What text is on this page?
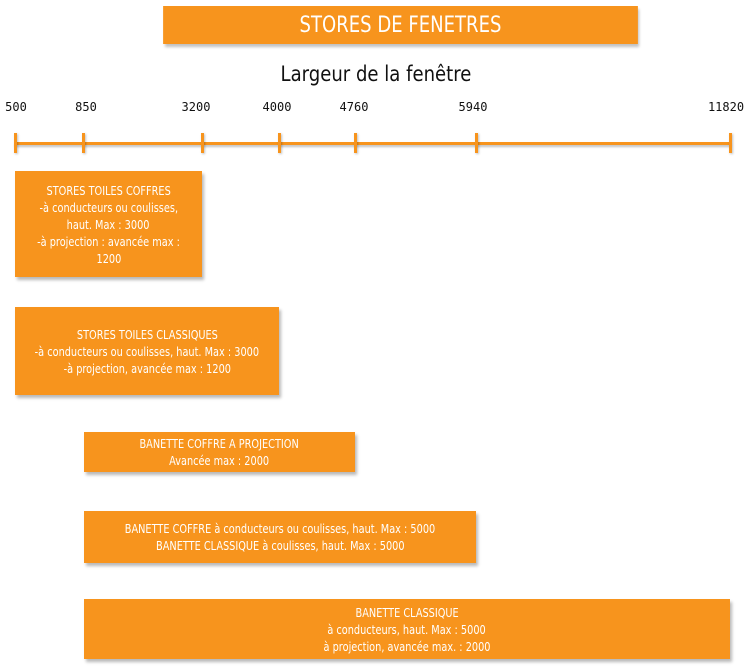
STORES DE FENETRES
Largeur de la fenêtre
500	850	3200	4000	4760	5940	11820
STORES TOILES COFFRES
-à conducteurs ou coulisses,
haut. Max : 3000
-à projection : avancée max :
1200
STORES TOILES CLASSIQUES
-à conducteurs ou coulisses, haut. Max : 3000
-à projection, avancée max : 1200
BANETTE COFFRE A PROJECTION
Avancée max : 2000
BANETTE COFFRE à conducteurs ou coulisses, haut. Max : 5000
BANETTE CLASSIQUE à coulisses, haut. Max : 5000
BANETTE CLASSIQUE
à conducteurs, haut. Max : 5000
à projection, avancée max. : 2000
